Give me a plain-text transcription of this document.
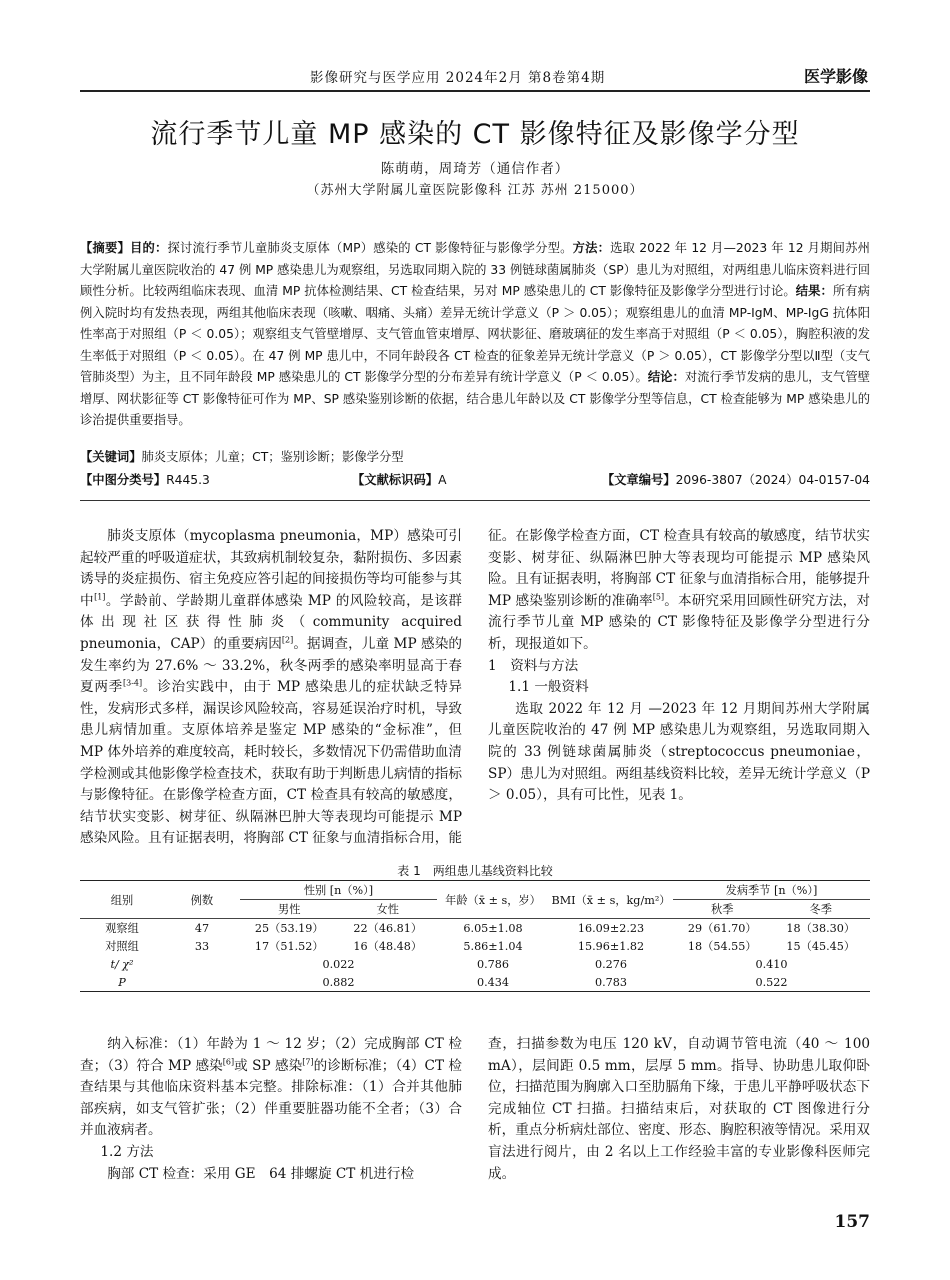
影像研究与医学应用 2024年2月 第8卷第4期	医学影像
流行季节儿童 MP 感染的 CT 影像特征及影像学分型
陈萌萌，周琦芳（通信作者）
（苏州大学附属儿童医院影像科 江苏 苏州 215000）
【摘要】目的：探讨流行季节儿童肺炎支原体（MP）感染的 CT 影像特征与影像学分型。方法：选取 2022 年 12 月—2023 年 12 月期间苏州大学附属儿童医院收治的 47 例 MP 感染患儿为观察组，另选取同期入院的 33 例链球菌属肺炎（SP）患儿为对照组，对两组患儿临床资料进行回顾性分析。比较两组临床表现、血清 MP 抗体检测结果、CT 检查结果，另对 MP 感染患儿的 CT 影像特征及影像学分型进行讨论。结果：所有病例入院时均有发热表现，两组其他临床表现（咳嗽、咽痛、头痛）差异无统计学意义（P ＞ 0.05）；观察组患儿的血清 MP-IgM、MP-IgG 抗体阳性率高于对照组（P ＜ 0.05）；观察组支气管壁增厚、支气管血管束增厚、网状影征、磨玻璃征的发生率高于对照组（P ＜ 0.05），胸腔积液的发生率低于对照组（P ＜ 0.05）。在 47 例 MP 患儿中，不同年龄段各 CT 检查的征象差异无统计学意义（P ＞ 0.05），CT 影像学分型以Ⅱ型（支气管肺炎型）为主，且不同年龄段 MP 感染患儿的 CT 影像学分型的分布差异有统计学意义（P ＜ 0.05）。结论：对流行季节发病的患儿，支气管壁增厚、网状影征等 CT 影像特征可作为 MP、SP 感染鉴别诊断的依据，结合患儿年龄以及 CT 影像学分型等信息，CT 检查能够为 MP 感染患儿的诊治提供重要指导。
【关键词】肺炎支原体；儿童；CT；鉴别诊断；影像学分型
【中图分类号】R445.3	【文献标识码】A	【文章编号】2096-3807（2024）04-0157-04

肺炎支原体（mycoplasma pneumonia，MP）感染可引起较严重的呼吸道症状，其致病机制较复杂，黏附损伤、多因素诱导的炎症损伤、宿主免疫应答引起的间接损伤等均可能参与其中[1]。学龄前、学龄期儿童群体感染 MP 的风险较高，是该群体出现社区获得性肺炎（community acquired pneumonia，CAP）的重要病因[2]。据调查，儿童 MP 感染的发生率约为 27.6% ～ 33.2%，秋冬两季的感染率明显高于春夏两季[3-4]。诊治实践中，由于 MP 感染患儿的症状缺乏特异性，发病形式多样，漏误诊风险较高，容易延误治疗时机，导致患儿病情加重。支原体培养是鉴定 MP 感染的“金标准”，但 MP 体外培养的难度较高，耗时较长，多数情况下仍需借助血清学检测或其他影像学检查技术，获取有助于判断患儿病情的指标与影像特征。在影像学检查方面，CT 检查具有较高的敏感度，结节状实变影、树芽征、纵隔淋巴肿大等表现均可能提示 MP 感染风险。且有证据表明，将胸部 CT 征象与血清指标合用，能

征。在影像学检查方面，CT 检查具有较高的敏感度，结节状实变影、树芽征、纵隔淋巴肿大等表现均可能提示 MP 感染风险。且有证据表明，将胸部 CT 征象与血清指标合用，能够提升 MP 感染鉴别诊断的准确率[5]。本研究采用回顾性研究方法，对流行季节儿童 MP 感染的 CT 影像特征及影像学分型进行分析，现报道如下。

1　资料与方法

1.1 一般资料

选取 2022 年 12 月 —2023 年 12 月期间苏州大学附属儿童医院收治的 47 例 MP 感染患儿为观察组，另选取同期入院的 33 例链球菌属肺炎（streptococcus pneumoniae，SP）患儿为对照组。两组基线资料比较，差异无统计学意义（P ＞ 0.05），具有可比性，见表 1。

表 1　两组患儿基线资料比较
组别	例数	性别 [n（%）]		年龄（x̄ ± s，岁）	BMI（x̄ ± s，kg/m²）	发病季节 [n（%）]	
		男性	女性			秋季	冬季
观察组	47	25（53.19）	22（46.81）	6.05±1.08	16.09±2.23	29（61.70）	18（38.30）
对照组	33	17（51.52）	16（48.48）	5.86±1.04	15.96±1.82	18（54.55）	15（45.45）
t/ χ²		0.022		0.786	0.276	0.410	
P		0.882		0.434	0.783	0.522	

纳入标准：（1）年龄为 1 ～ 12 岁；（2）完成胸部 CT 检查；（3）符合 MP 感染[6]或 SP 感染[7]的诊断标准；（4）CT 检查结果与其他临床资料基本完整。排除标准：（1）合并其他肺部疾病，如支气管扩张；（2）伴重要脏器功能不全者；（3）合并血液病者。

1.2 方法

胸部 CT 检查：采用 GE　64 排螺旋 CT 机进行检

查，扫描参数为电压 120 kV，自动调节管电流（40 ～ 100 mA），层间距 0.5 mm，层厚 5 mm。指导、协助患儿取仰卧位，扫描范围为胸廓入口至肋膈角下缘，于患儿平静呼吸状态下完成轴位 CT 扫描。扫描结束后，对获取的 CT 图像进行分析，重点分析病灶部位、密度、形态、胸腔积液等情况。采用双盲法进行阅片，由 2 名以上工作经验丰富的专业影像科医师完成。

157
